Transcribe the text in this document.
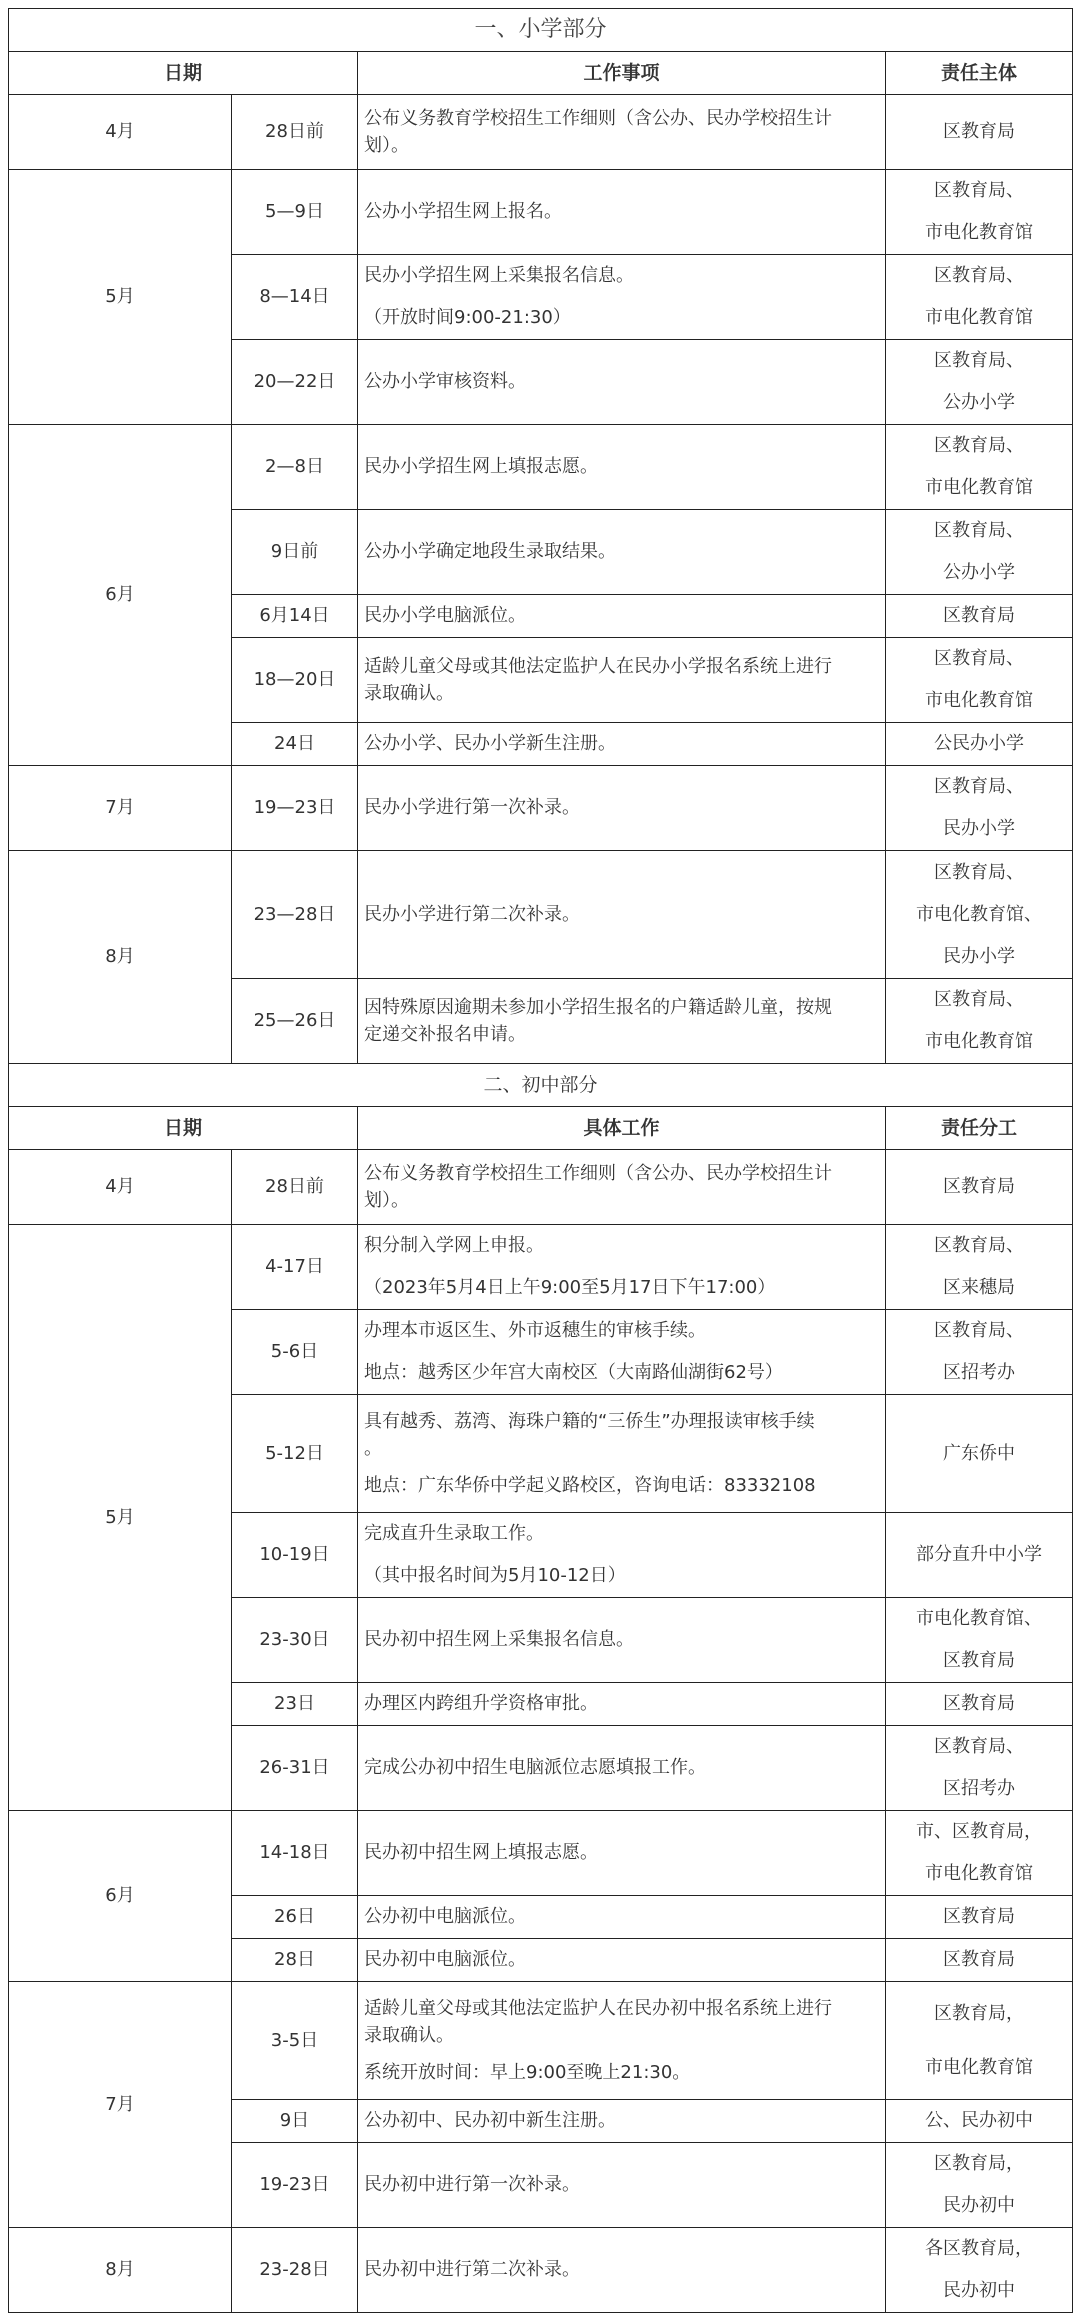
一、小学部分			
日期		工作事项	责任主体
4月	28日前	公布义务教育学校招生工作细则（含公办、民办学校招生计
划）。	区教育局

5月	5—9日	公办小学招生网上报名。	区教育局、
市电化教育馆

	8—14日	民办小学招生网上采集报名信息。
（开放时间9:00-21:30）	区教育局、
市电化教育馆

	20—22日	公办小学审核资料。	区教育局、
公办小学

6月	2—8日	民办小学招生网上填报志愿。	区教育局、
市电化教育馆

	9日前	公办小学确定地段生录取结果。	区教育局、
公办小学

	6月14日	民办小学电脑派位。	区教育局

	18—20日	适龄儿童父母或其他法定监护人在民办小学报名系统上进行
录取确认。	区教育局、
市电化教育馆

	24日	公办小学、民办小学新生注册。	公民办小学

7月	19—23日	民办小学进行第一次补录。	区教育局、
民办小学

8月	23—28日	民办小学进行第二次补录。	区教育局、
市电化教育馆、
民办小学

	25—26日	因特殊原因逾期未参加小学招生报名的户籍适龄儿童，按规
定递交补报名申请。	区教育局、
市电化教育馆

二、初中部分			
日期		具体工作	责任分工
4月	28日前	公布义务教育学校招生工作细则（含公办、民办学校招生计
划）。	区教育局

5月	4-17日	积分制入学网上申报。
（2023年5月4日上午9:00至5月17日下午17:00）	区教育局、
区来穗局

	5-6日	办理本市返区生、外市返穗生的审核手续。
地点：越秀区少年宫大南校区（大南路仙湖街62号）	区教育局、
区招考办

	5-12日	具有越秀、荔湾、海珠户籍的“三侨生”办理报读审核手续
。
地点：广东华侨中学起义路校区，咨询电话：83332108	广东侨中

	10-19日	完成直升生录取工作。
（其中报名时间为5月10-12日）	部分直升中小学

	23-30日	民办初中招生网上采集报名信息。	市电化教育馆、
区教育局

	23日	办理区内跨组升学资格审批。	区教育局

	26-31日	完成公办初中招生电脑派位志愿填报工作。	区教育局、
区招考办

6月	14-18日	民办初中招生网上填报志愿。	市、区教育局，
市电化教育馆

	26日	公办初中电脑派位。	区教育局

	28日	民办初中电脑派位。	区教育局

7月	3-5日	适龄儿童父母或其他法定监护人在民办初中报名系统上进行
录取确认。
系统开放时间：早上9:00至晚上21:30。	区教育局，
市电化教育馆

	9日	公办初中、民办初中新生注册。	公、民办初中

	19-23日	民办初中进行第一次补录。	区教育局，
民办初中

8月	23-28日	民办初中进行第二次补录。	各区教育局，
民办初中
